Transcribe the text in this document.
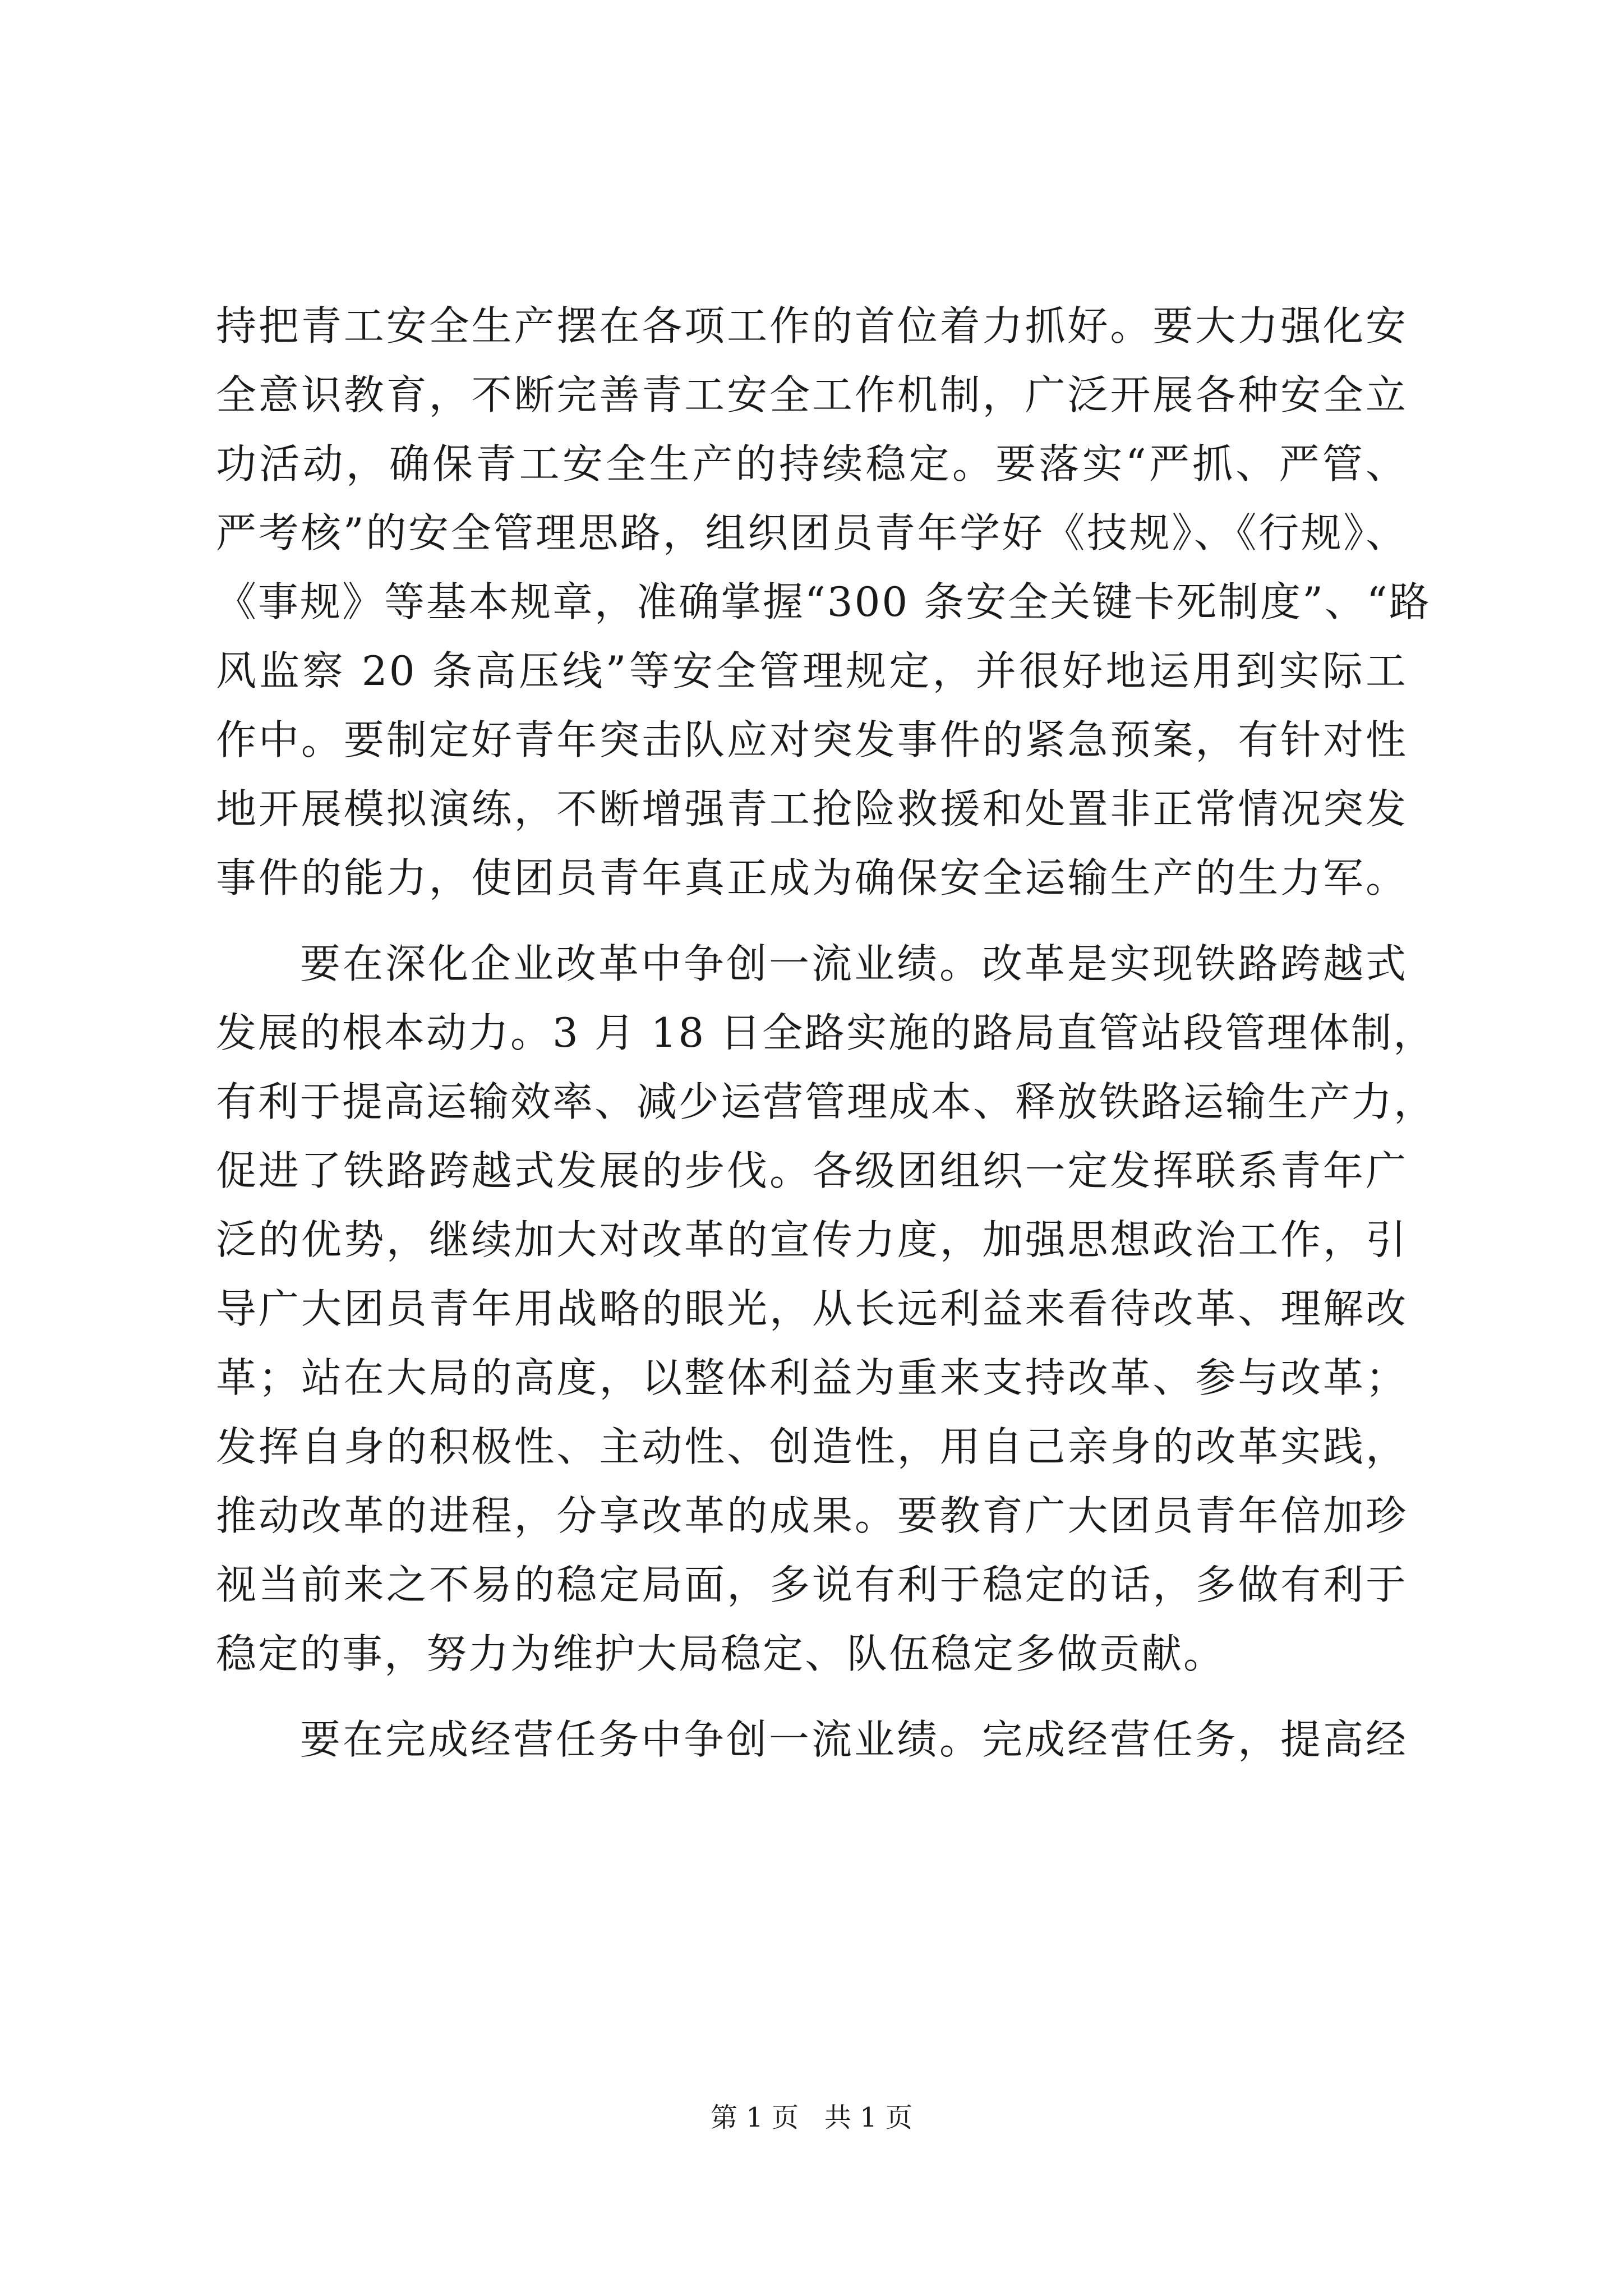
持把青工安全生产摆在各项工作的首位着力抓好。要大力强化安
全意识教育，不断完善青工安全工作机制，广泛开展各种安全立
功活动，确保青工安全生产的持续稳定。要落实“严抓、严管、
严考核”的安全管理思路，组织团员青年学好《技规》、《行规》、
《事规》等基本规章，准确掌握“300 条安全关键卡死制度”、“路
风监察 20 条高压线”等安全管理规定，并很好地运用到实际工
作中。要制定好青年突击队应对突发事件的紧急预案，有针对性
地开展模拟演练，不断增强青工抢险救援和处置非正常情况突发
事件的能力，使团员青年真正成为确保安全运输生产的生力军。
要在深化企业改革中争创一流业绩。改革是实现铁路跨越式
发展的根本动力。3 月 18 日全路实施的路局直管站段管理体制，
有利于提高运输效率、减少运营管理成本、释放铁路运输生产力，
促进了铁路跨越式发展的步伐。各级团组织一定发挥联系青年广
泛的优势，继续加大对改革的宣传力度，加强思想政治工作，引
导广大团员青年用战略的眼光，从长远利益来看待改革、理解改
革；站在大局的高度，以整体利益为重来支持改革、参与改革；
发挥自身的积极性、主动性、创造性，用自己亲身的改革实践，
推动改革的进程，分享改革的成果。要教育广大团员青年倍加珍
视当前来之不易的稳定局面，多说有利于稳定的话，多做有利于
稳定的事，努力为维护大局稳定、队伍稳定多做贡献。
要在完成经营任务中争创一流业绩。完成经营任务，提高经
第 1 页 共 1 页
